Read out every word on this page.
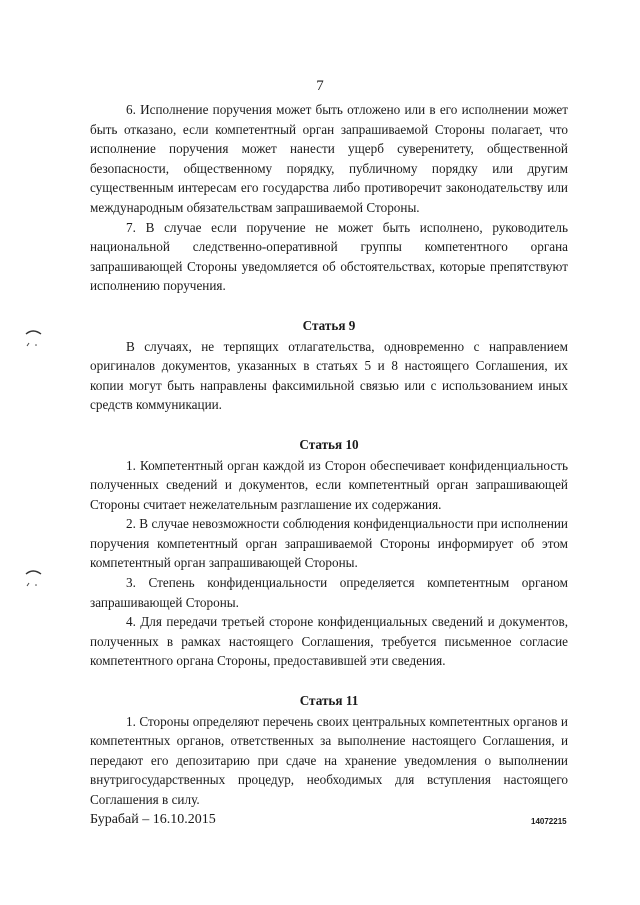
7

6. Исполнение поручения может быть отложено или в его исполнении может быть отказано, если компетентный орган запрашиваемой Стороны полагает, что исполнение поручения может нанести ущерб суверенитету, общественной безопасности, общественному порядку, публичному порядку или другим существенным интересам его государства либо противоречит законодательству или международным обязательствам запрашиваемой Стороны.

7. В случае если поручение не может быть исполнено, руководитель национальной следственно-оперативной группы компетентного органа запрашивающей Стороны уведомляется об обстоятельствах, которые препятствуют исполнению поручения.

Статья 9

В случаях, не терпящих отлагательства, одновременно с направлением оригиналов документов, указанных в статьях 5 и 8 настоящего Соглашения, их копии могут быть направлены факсимильной связью или с использованием иных средств коммуникации.

Статья 10

1. Компетентный орган каждой из Сторон обеспечивает конфиденциальность полученных сведений и документов, если компетентный орган запрашивающей Стороны считает нежелательным разглашение их содержания.

2. В случае невозможности соблюдения конфиденциальности при исполнении поручения компетентный орган запрашиваемой Стороны информирует об этом компетентный орган запрашивающей Стороны.

3. Степень конфиденциальности определяется компетентным органом запрашивающей Стороны.

4. Для передачи третьей стороне конфиденциальных сведений и документов, полученных в рамках настоящего Соглашения, требуется письменное согласие компетентного органа Стороны, предоставившей эти сведения.

Статья 11

1. Стороны определяют перечень своих центральных компетентных органов и компетентных органов, ответственных за выполнение настоящего Соглашения, и передают его депозитарию при сдаче на хранение уведомления о выполнении внутригосударственных процедур, необходимых для вступления настоящего Соглашения в силу.

Бурабай – 16.10.2015	14072215
